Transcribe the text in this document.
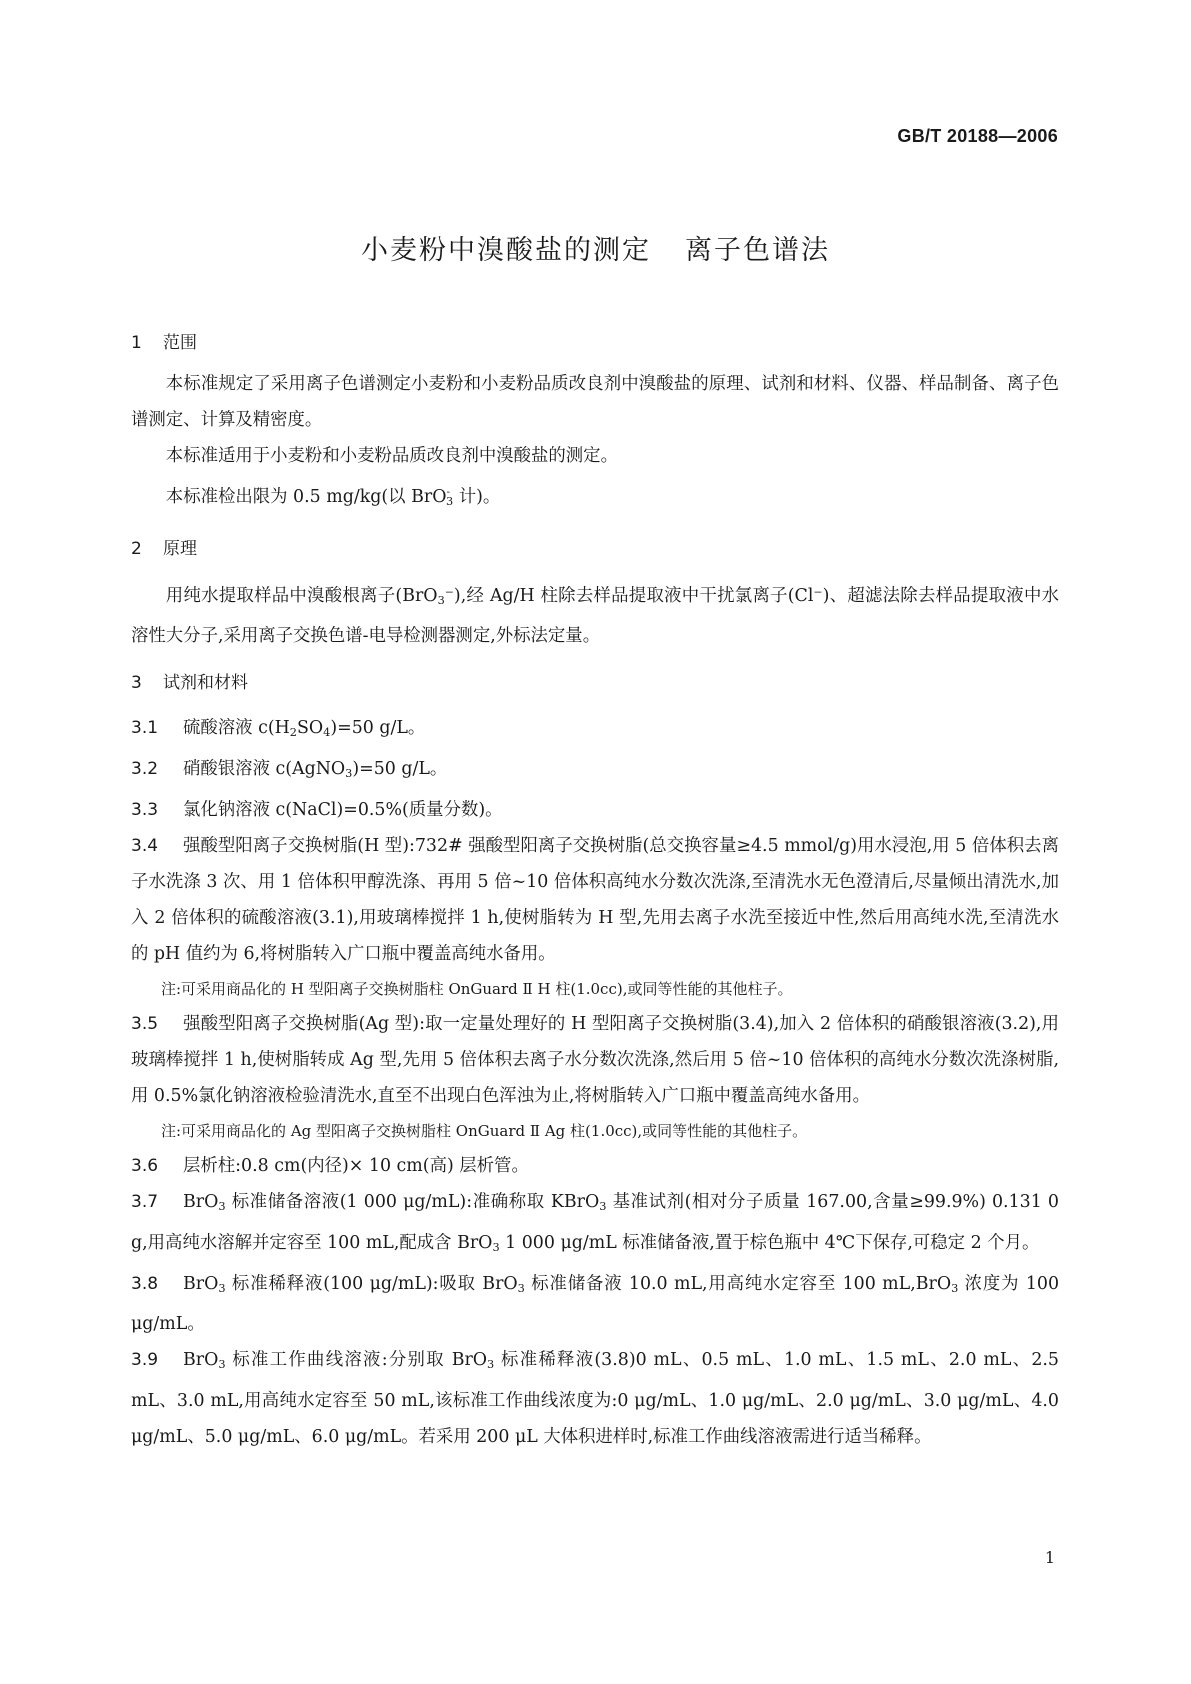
GB/T 20188—2006
小麦粉中溴酸盐的测定 离子色谱法
1 范围

本标准规定了采用离子色谱测定小麦粉和小麦粉品质改良剂中溴酸盐的原理、试剂和材料、仪器、样品制备、离子色谱测定、计算及精密度。

本标准适用于小麦粉和小麦粉品质改良剂中溴酸盐的测定。

本标准检出限为 0.5 mg/kg(以 BrO-$_3$ 计)。

2 原理

用纯水提取样品中溴酸根离子(BrO$_3$⁻),经 Ag/H 柱除去样品提取液中干扰氯离子(Cl⁻)、超滤法除去样品提取液中水溶性大分子,采用离子交换色谱-电导检测器测定,外标法定量。

3 试剂和材料

3.1 硫酸溶液 $c(H_2SO_4)=50$ g/L。

3.2 硝酸银溶液 c(AgNO$_3$)=50 g/L。

3.3 氯化钠溶液 c(NaCl)=0.5%(质量分数)。

3.4 强酸型阳离子交换树脂(H 型):732# 强酸型阳离子交换树脂(总交换容量≥4.5 mmol/g)用水浸泡,用 5 倍体积去离子水洗涤 3 次、用 1 倍体积甲醇洗涤、再用 5 倍~10 倍体积高纯水分数次洗涤,至清洗水无色澄清后,尽量倾出清洗水,加入 2 倍体积的硫酸溶液(3.1),用玻璃棒搅拌 1 h,使树脂转为 H 型,先用去离子水洗至接近中性,然后用高纯水洗,至清洗水的 pH 值约为 6,将树脂转入广口瓶中覆盖高纯水备用。

注:可采用商品化的 H 型阳离子交换树脂柱 OnGuard Ⅱ H 柱(1.0cc),或同等性能的其他柱子。

3.5 强酸型阳离子交换树脂(Ag 型):取一定量处理好的 H 型阳离子交换树脂(3.4),加入 2 倍体积的硝酸银溶液(3.2),用玻璃棒搅拌 1 h,使树脂转成 Ag 型,先用 5 倍体积去离子水分数次洗涤,然后用 5 倍~10 倍体积的高纯水分数次洗涤树脂,用 0.5%氯化钠溶液检验清洗水,直至不出现白色浑浊为止,将树脂转入广口瓶中覆盖高纯水备用。

注:可采用商品化的 Ag 型阳离子交换树脂柱 OnGuard Ⅱ Ag 柱(1.0cc),或同等性能的其他柱子。

3.6 层析柱:0.8 cm(内径)× 10 cm(高) 层析管。

3.7 BrO$_3$ 标准储备溶液(1 000 μg/mL):准确称取 KBrO$_3$ 基准试剂(相对分子质量 167.00,含量≥99.9%) 0.131 0 g,用高纯水溶解并定容至 100 mL,配成含 BrO$_3$ 1 000 μg/mL 标准储备液,置于棕色瓶中 4℃下保存,可稳定 2 个月。

3.8 BrO$_3$ 标准稀释液(100 μg/mL):吸取 BrO$_3$ 标准储备液 10.0 mL,用高纯水定容至 100 mL,BrO$_3$ 浓度为 100 μg/mL。

3.9 BrO$_3$ 标准工作曲线溶液:分别取 BrO$_3$ 标准稀释液(3.8)0 mL、0.5 mL、1.0 mL、1.5 mL、2.0 mL、2.5 mL、3.0 mL,用高纯水定容至 50 mL,该标准工作曲线浓度为:0 μg/mL、1.0 μg/mL、2.0 μg/mL、3.0 μg/mL、4.0 μg/mL、5.0 μg/mL、6.0 μg/mL。若采用 200 μL 大体积进样时,标准工作曲线溶液需进行适当稀释。

1
